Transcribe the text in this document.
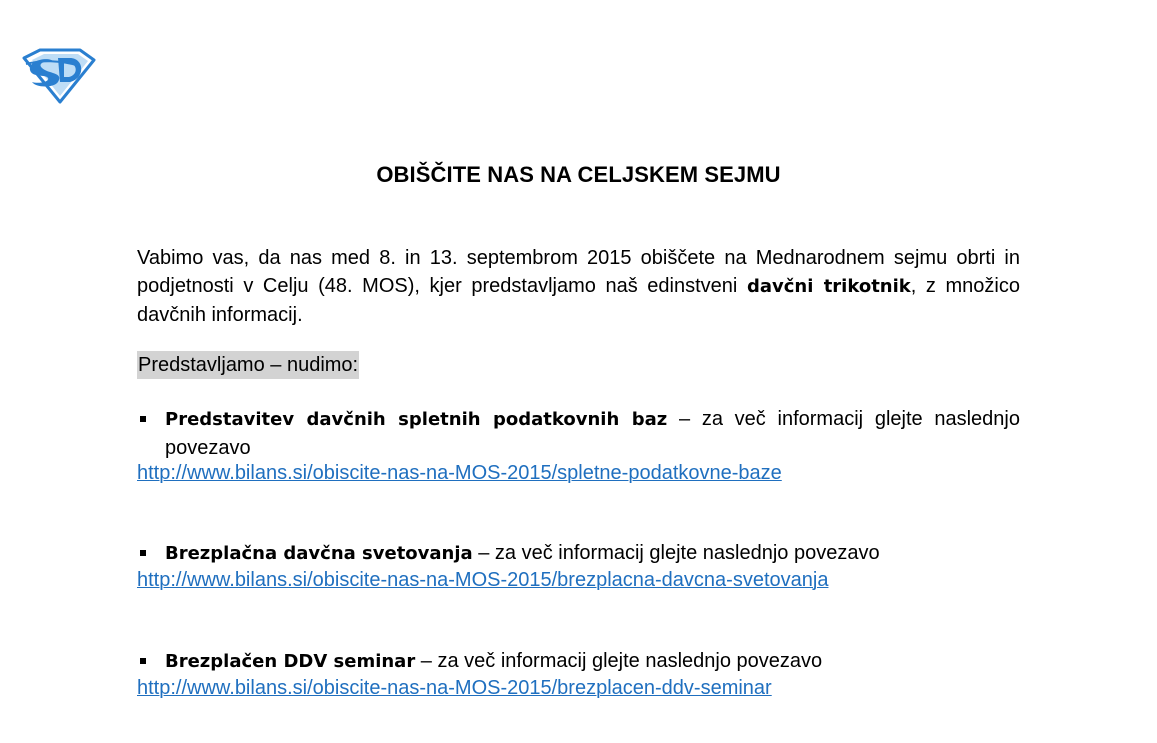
OBIŠČITE NAS NA CELJSKEM SEJMU
Vabimo vas, da nas med 8. in 13. septembrom 2015 obiščete na Mednarodnem sejmu obrti in podjetnosti v Celju (48. MOS), kjer predstavljamo naš edinstveni davčni trikotnik, z množico davčnih informacij.
Predstavljamo – nudimo:
Predstavitev davčnih spletnih podatkovnih baz – za več informacij glejte naslednjo povezavo
http://www.bilans.si/obiscite-nas-na-MOS-2015/spletne-podatkovne-baze
Brezplačna davčna svetovanja – za več informacij glejte naslednjo povezavo
http://www.bilans.si/obiscite-nas-na-MOS-2015/brezplacna-davcna-svetovanja
Brezplačen DDV seminar – za več informacij glejte naslednjo povezavo
http://www.bilans.si/obiscite-nas-na-MOS-2015/brezplacen-ddv-seminar
